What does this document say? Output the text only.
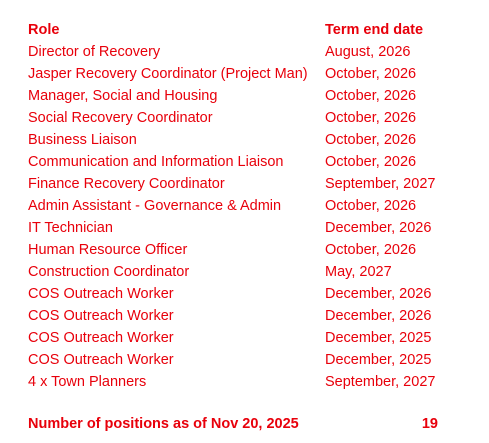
Role	Term end date
Director of Recovery	August, 2026
Jasper Recovery Coordinator (Project Man)	October, 2026
Manager, Social and Housing	October, 2026
Social Recovery Coordinator	October, 2026
Business Liaison	October, 2026
Communication and Information Liaison	October, 2026
Finance Recovery Coordinator	September, 2027
Admin Assistant - Governance & Admin	October, 2026
IT Technician	December, 2026
Human Resource Officer	October, 2026
Construction Coordinator	May, 2027
COS Outreach Worker	December, 2026
COS Outreach Worker	December, 2026
COS Outreach Worker	December, 2025
COS Outreach Worker	December, 2025
4 x Town Planners	September, 2027
Number of positions as of Nov 20, 2025	19
